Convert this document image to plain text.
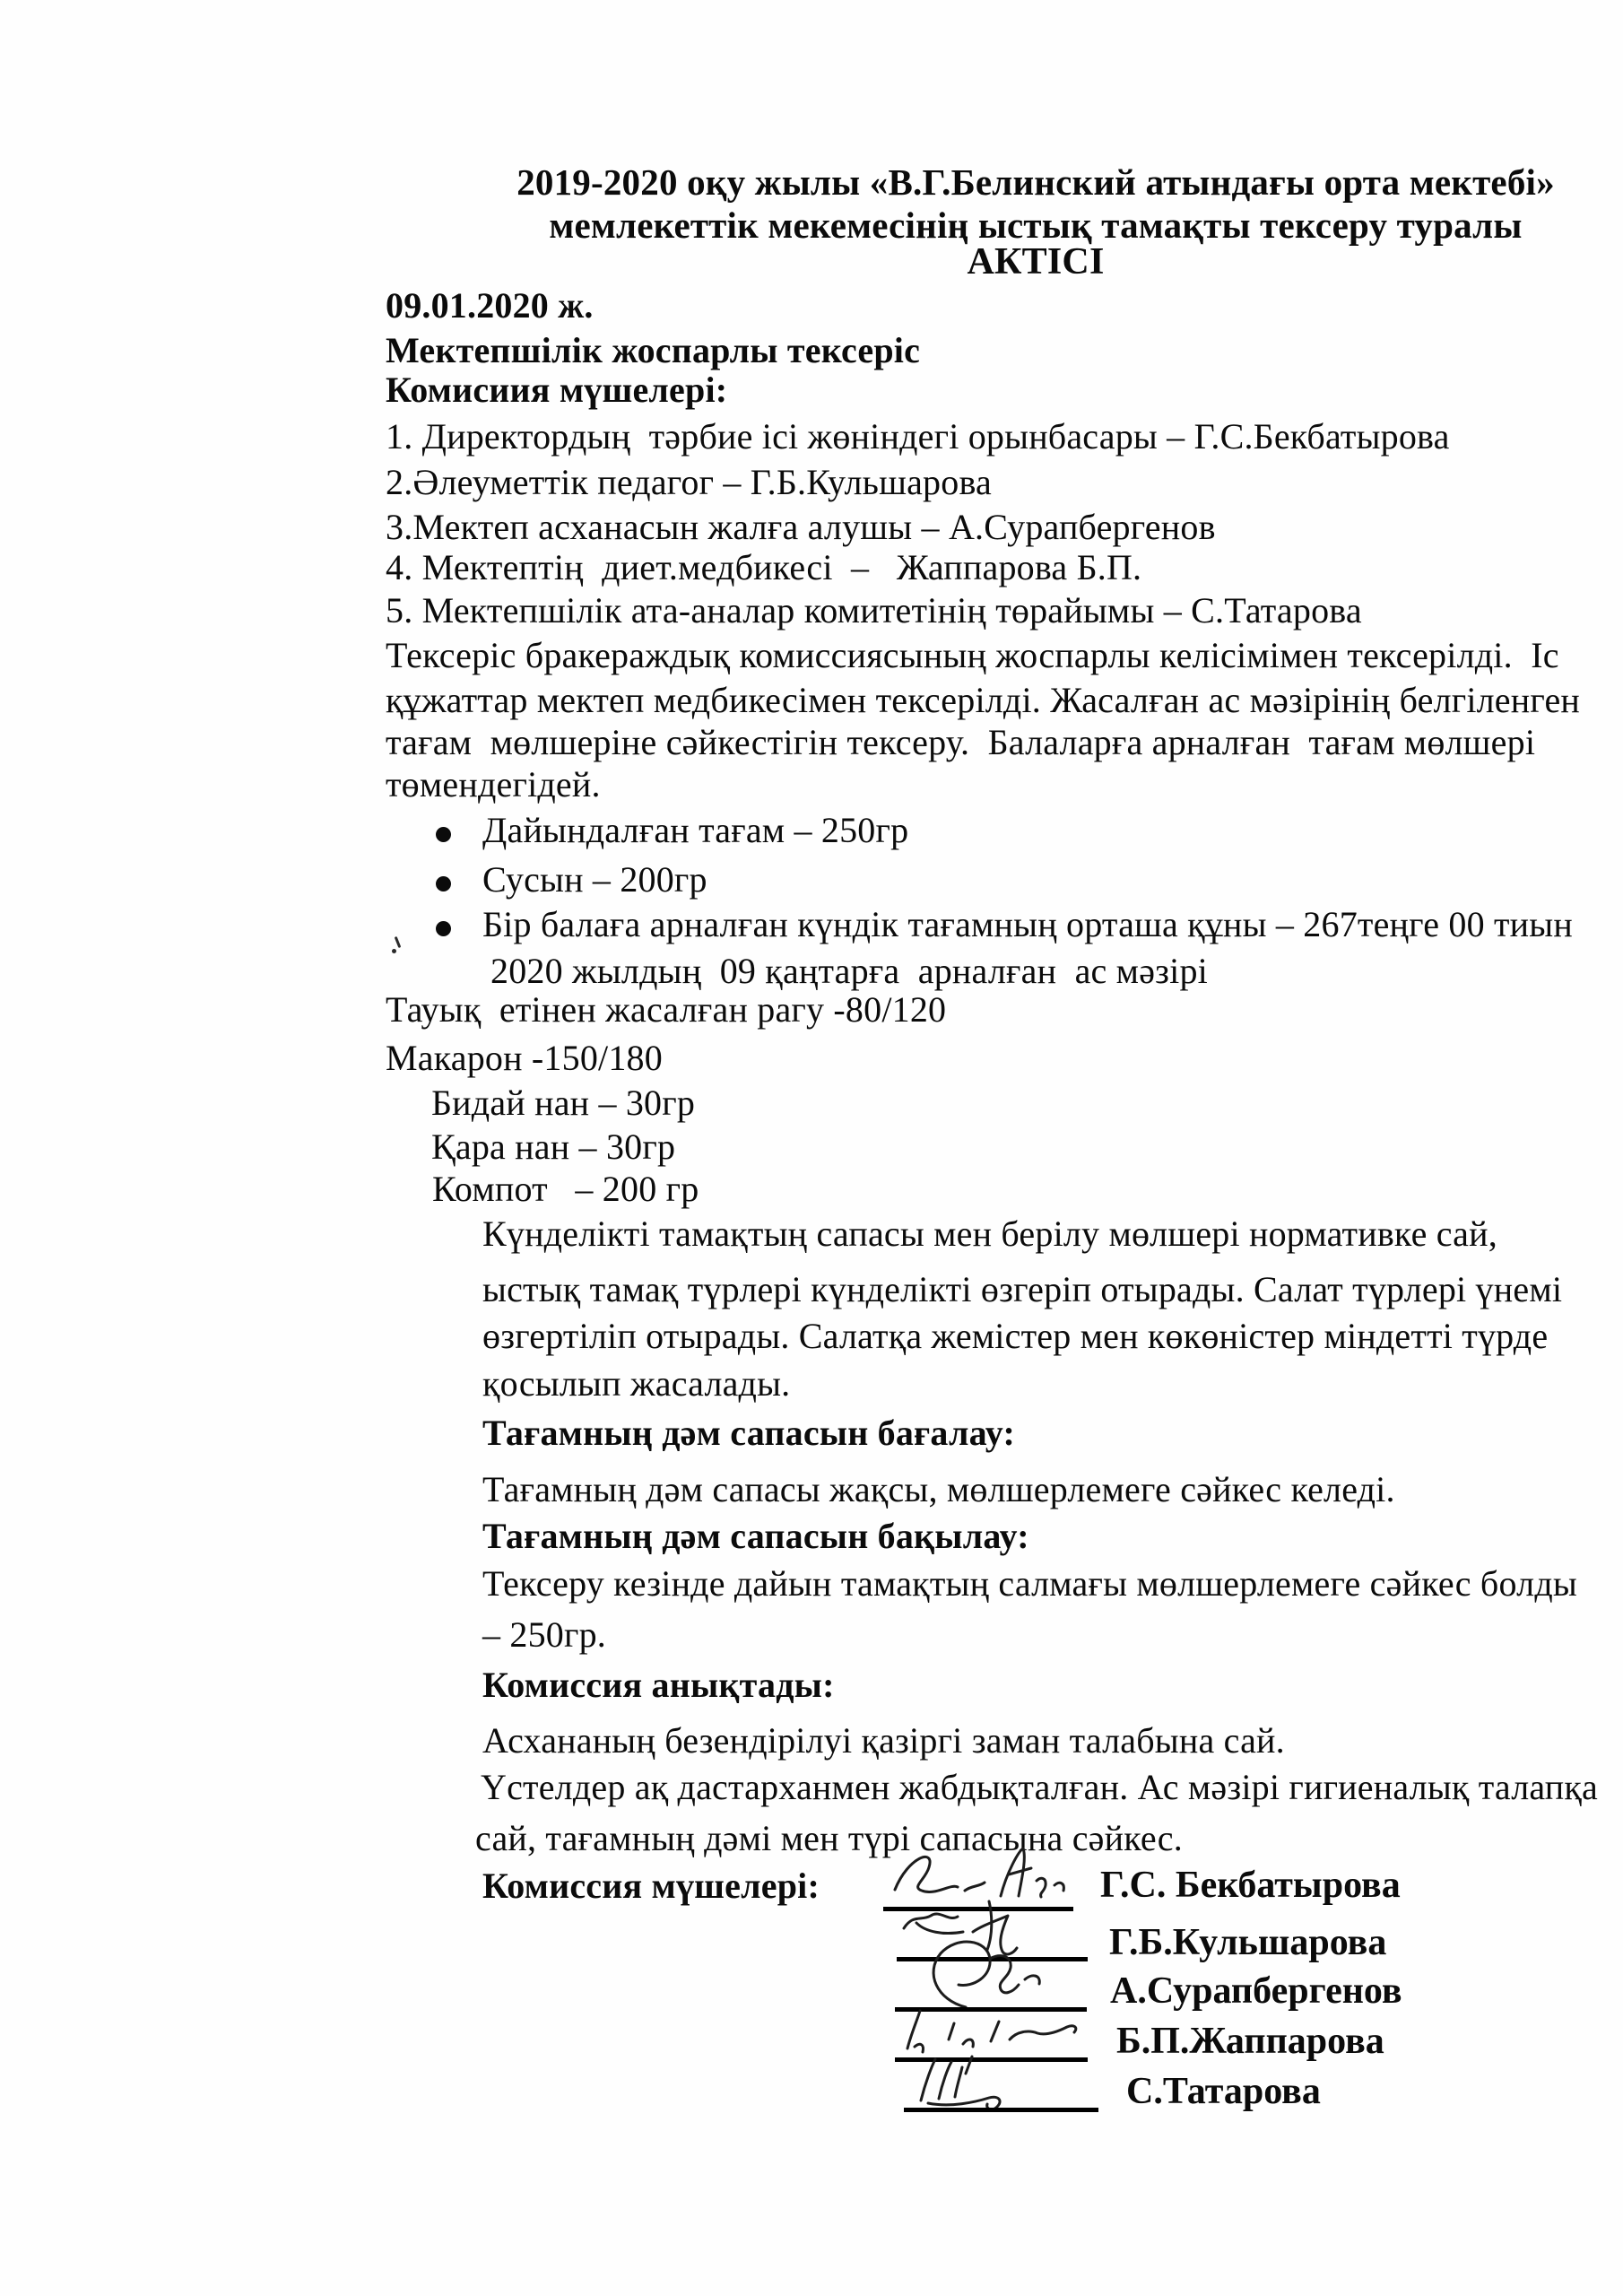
2019-2020 оқу жылы «В.Г.Белинский атындағы орта мектебі»
мемлекеттік мекемесінің ыстық тамақты тексеру туралы
АКТІСІ
09.01.2020 ж.
Мектепшілік жоспарлы тексеріс
Комисиия мүшелері:
1. Директордың  тәрбие ісі жөніндегі орынбасары – Г.С.Бекбатырова
2.Әлеуметтік педагог – Г.Б.Кульшарова
3.Мектеп асханасын жалға алушы – А.Сурапбергенов
4. Мектептің  диет.медбикесі  –   Жаппарова Б.П.
5. Мектепшілік ата-аналар комитетінің төрайымы – С.Татарова
Тексеріс бракераждық комиссиясының жоспарлы келісімімен тексерілді.  Іс
құжаттар мектеп медбикесімен тексерілді. Жасалған ас мәзірінің белгіленген
тағам  мөлшеріне сәйкестігін тексеру.  Балаларға арналған  тағам мөлшері
төмендегідей.
Дайындалған тағам – 250гр
Сусын – 200гр
Бір балаға арналған күндік тағамның орташа құны – 267теңге 00 тиын
2020 жылдың  09 қаңтарға  арналған  ас мәзірі
Тауық  етінен жасалған рагу -80/120
Макарон -150/180
Бидай нан – 30гр
Қара нан – 30гр
Компот   – 200 гр
Күнделікті тамақтың сапасы мен берілу мөлшері нормативке сай,
ыстық тамақ түрлері күнделікті өзгеріп отырады. Салат түрлері үнемі
өзгертіліп отырады. Салатқа жемістер мен көкөністер міндетті түрде
қосылып жасалады.
Тағамның дәм сапасын бағалау:
Тағамның дәм сапасы жақсы, мөлшерлемеге сәйкес келеді.
Тағамның дәм сапасын бақылау:
Тексеру кезінде дайын тамақтың салмағы мөлшерлемеге сәйкес болды
– 250гр.
Комиссия анықтады:
Асхананың безендірілуі қазіргі заман талабына сай.
Үстелдер ақ дастарханмен жабдықталған. Ас мәзірі гигиеналық талапқа
сай, тағамның дәмі мен түрі сапасына сәйкес.
Комиссия мүшелері:	Г.С. Бекбатырова
Г.Б.Кульшарова
А.Сурапбергенов
Б.П.Жаппарова
С.Татарова
